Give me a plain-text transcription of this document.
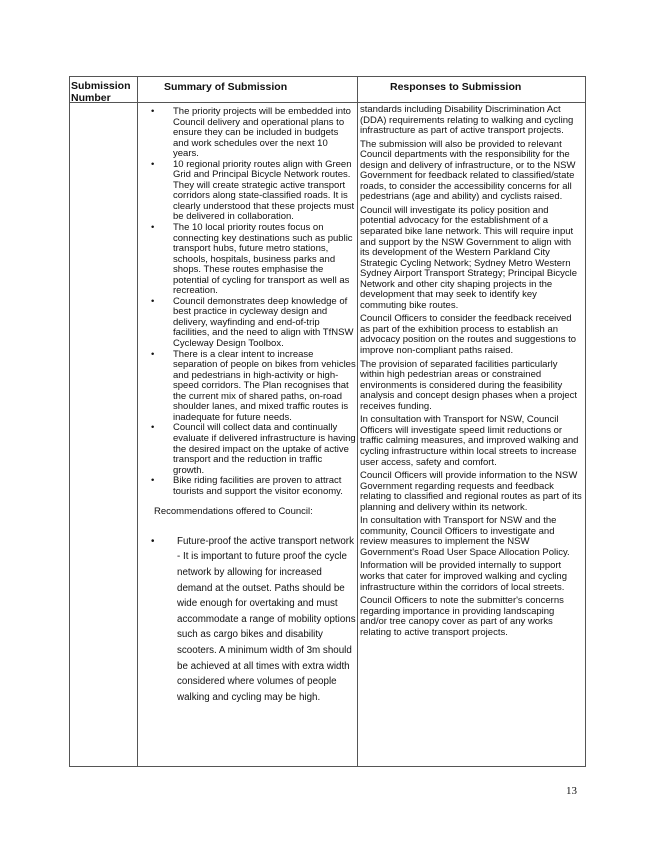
Submission Number
Summary of Submission	Responses to Submission
• The priority projects will be embedded into Council delivery and operational plans to ensure they can be included in budgets and work schedules over the next 10 years.
• 10 regional priority routes align with Green Grid and Principal Bicycle Network routes. They will create strategic active transport corridors along state-classified roads. It is clearly understood that these projects must be delivered in collaboration.
• The 10 local priority routes focus on connecting key destinations such as public transport hubs, future metro stations, schools, hospitals, business parks and shops. These routes emphasise the potential of cycling for transport as well as recreation.
• Council demonstrates deep knowledge of best practice in cycleway design and delivery, wayfinding and end-of-trip facilities, and the need to align with TfNSW Cycleway Design Toolbox.
• There is a clear intent to increase separation of people on bikes from vehicles and pedestrians in high-activity or high-speed corridors. The Plan recognises that the current mix of shared paths, on-road shoulder lanes, and mixed traffic routes is inadequate for future needs.
• Council will collect data and continually evaluate if delivered infrastructure is having the desired impact on the uptake of active transport and the reduction in traffic growth.
• Bike riding facilities are proven to attract tourists and support the visitor economy.
Recommendations offered to Council:
• Future-proof the active transport network - It is important to future proof the cycle network by allowing for increased demand at the outset. Paths should be wide enough for overtaking and must accommodate a range of mobility options such as cargo bikes and disability scooters. A minimum width of 3m should be achieved at all times with extra width considered where volumes of people walking and cycling may be high.

standards including Disability Discrimination Act (DDA) requirements relating to walking and cycling infrastructure as part of active transport projects.

The submission will also be provided to relevant Council departments with the responsibility for the design and delivery of infrastructure, or to the NSW Government for feedback related to classified/state roads, to consider the accessibility concerns for all pedestrians (age and ability) and cyclists raised.

Council will investigate its policy position and potential advocacy for the establishment of a separated bike lane network. This will require input and support by the NSW Government to align with its development of the Western Parkland City Strategic Cycling Network; Sydney Metro Western Sydney Airport Transport Strategy; Principal Bicycle Network and other city shaping projects in the development that may seek to identify key commuting bike routes.

Council Officers to consider the feedback received as part of the exhibition process to establish an advocacy position on the routes and suggestions to improve non-compliant paths raised.

The provision of separated facilities particularly within high pedestrian areas or constrained environments is considered during the feasibility analysis and concept design phases when a project receives funding.

In consultation with Transport for NSW, Council Officers will investigate speed limit reductions or traffic calming measures, and improved walking and cycling infrastructure within local streets to increase user access, safety and comfort.

Council Officers will provide information to the NSW Government regarding requests and feedback relating to classified and regional routes as part of its planning and delivery within its network.

In consultation with Transport for NSW and the community, Council Officers to investigate and review measures to implement the NSW Government's Road User Space Allocation Policy.

Information will be provided internally to support works that cater for improved walking and cycling infrastructure within the corridors of local streets.

Council Officers to note the submitter's concerns regarding importance in providing landscaping and/or tree canopy cover as part of any works relating to active transport projects.

13
